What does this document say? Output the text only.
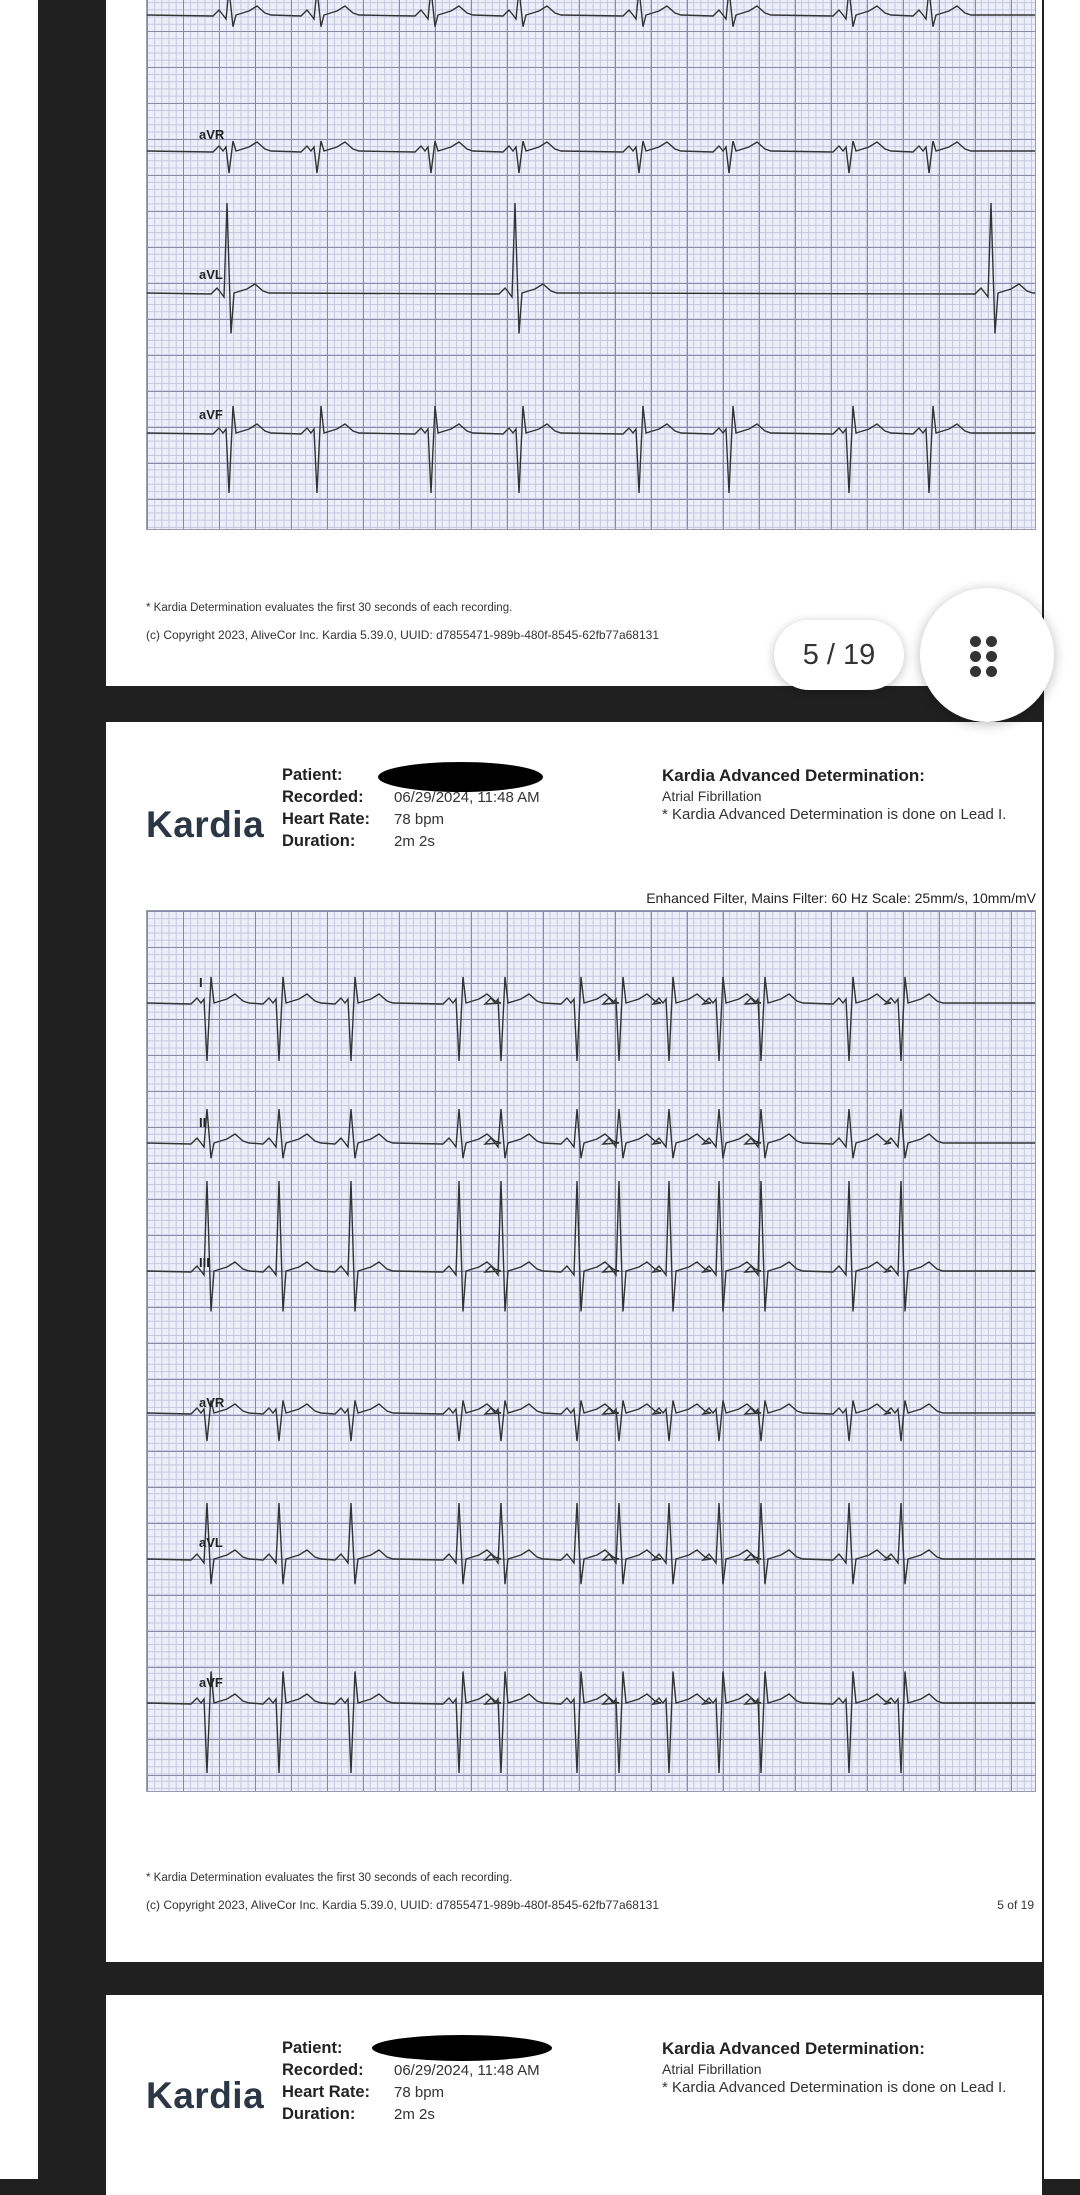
aVR
aVL
aVF
* Kardia Determination evaluates the first 30 seconds of each recording.
(c) Copyright 2023, AliveCor Inc. Kardia 5.39.0, UUID: d7855471-989b-480f-8545-62fb77a68131
Kardia
Patient:
Recorded: 06/29/2024, 11:48 AM
Heart Rate: 78 bpm
Duration:	2m 2s
Kardia Advanced Determination:
Atrial Fibrillation
* Kardia Advanced Determination is done on Lead I.
Enhanced Filter, Mains Filter: 60 Hz Scale: 25mm/s, 10mm/mV
I
II
III
aVR
aVL
aVF
* Kardia Determination evaluates the first 30 seconds of each recording.
(c) Copyright 2023, AliveCor Inc. Kardia 5.39.0, UUID: d7855471-989b-480f-8545-62fb77a68131	5 of 19
Kardia
Patient:
Recorded: 06/29/2024, 11:48 AM
Heart Rate: 78 bpm
Duration:	2m 2s
Kardia Advanced Determination:
Atrial Fibrillation
* Kardia Advanced Determination is done on Lead I.
5 / 19
